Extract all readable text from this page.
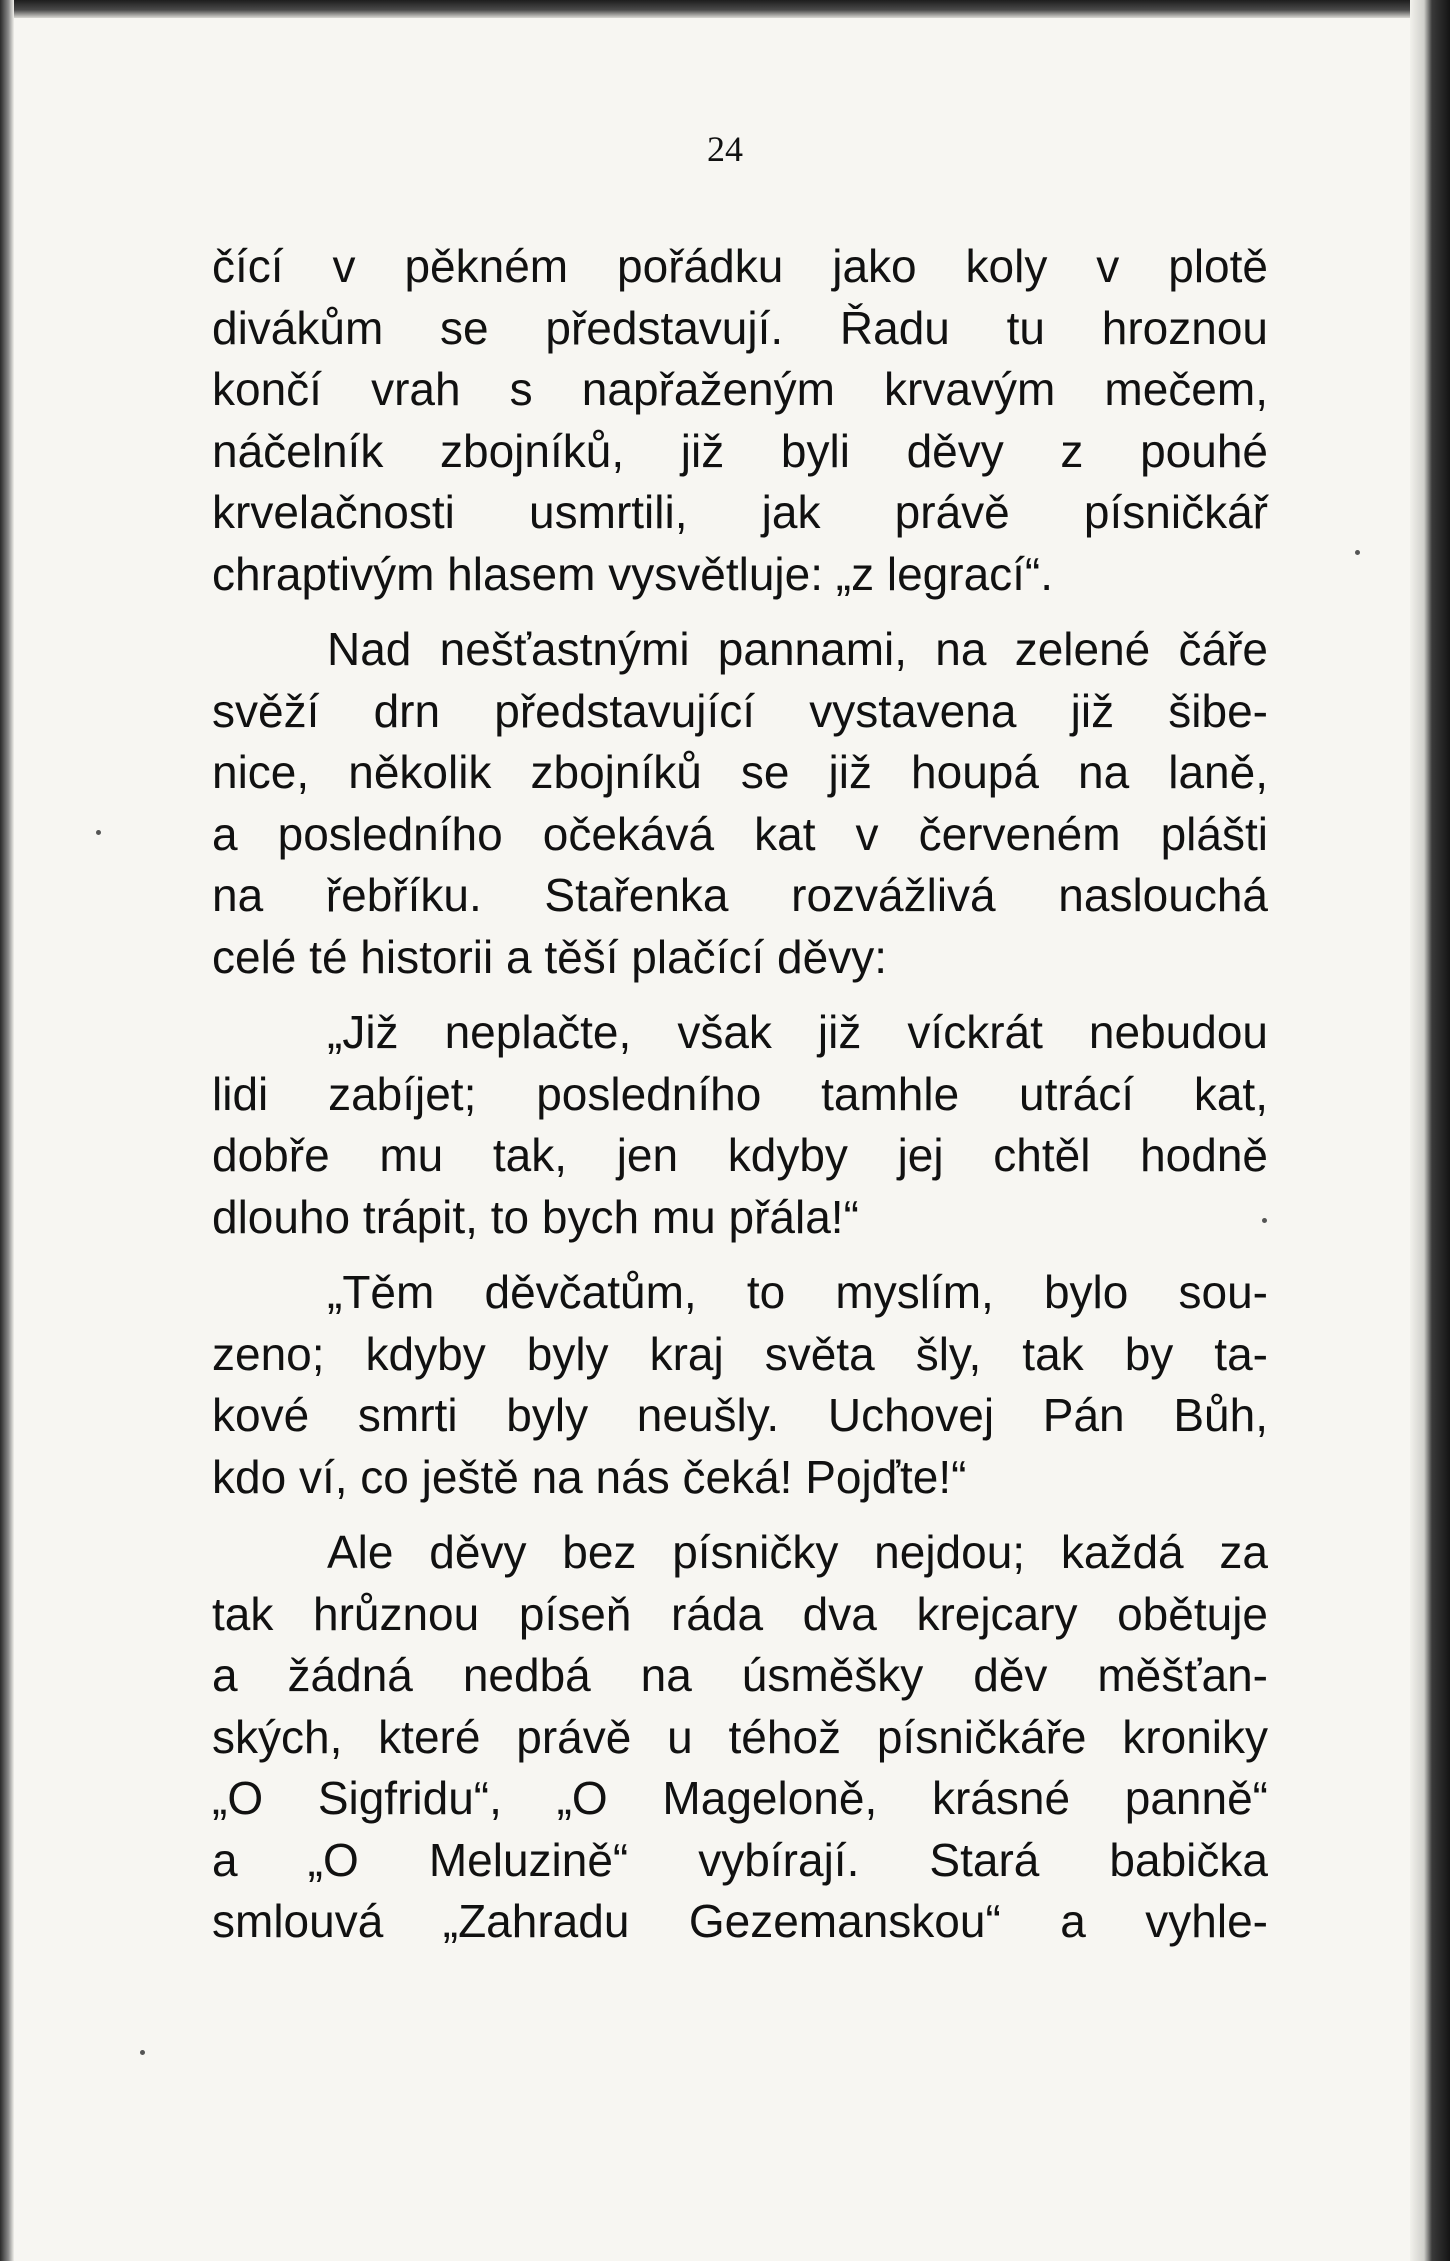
24

čící v pěkném pořádku jako koly v plotě
divákům se představují. Řadu tu hroznou
končí vrah s napřaženým krvavým mečem,
náčelník zbojníků, již byli děvy z pouhé
krvelačnosti usmrtili, jak právě písničkář
chraptivým hlasem vysvětluje: „z legrací“.

Nad nešťastnými pannami, na zelené čáře
svěží drn představující vystavena již šibe-
nice, několik zbojníků se již houpá na laně,
a posledního očekává kat v červeném plášti
na řebříku. Stařenka rozvážlivá naslouchá
celé té historii a těší plačící děvy:

„Již neplačte, však již víckrát nebudou
lidi zabíjet; posledního tamhle utrácí kat,
dobře mu tak, jen kdyby jej chtěl hodně
dlouho trápit, to bych mu přála!“

„Těm děvčatům, to myslím, bylo sou-
zeno; kdyby byly kraj světa šly, tak by ta-
kové smrti byly neušly. Uchovej Pán Bůh,
kdo ví, co ještě na nás čeká! Pojďte!“

Ale děvy bez písničky nejdou; každá za
tak hrůznou píseň ráda dva krejcary obětuje
a žádná nedbá na úsměšky děv měšťan-
ských, které právě u téhož písničkáře kroniky
„O Sigfridu“, „O Mageloně, krásné panně“
a „O Meluzině“ vybírají. Stará babička
smlouvá „Zahradu Gezemanskou“ a vyhle-
